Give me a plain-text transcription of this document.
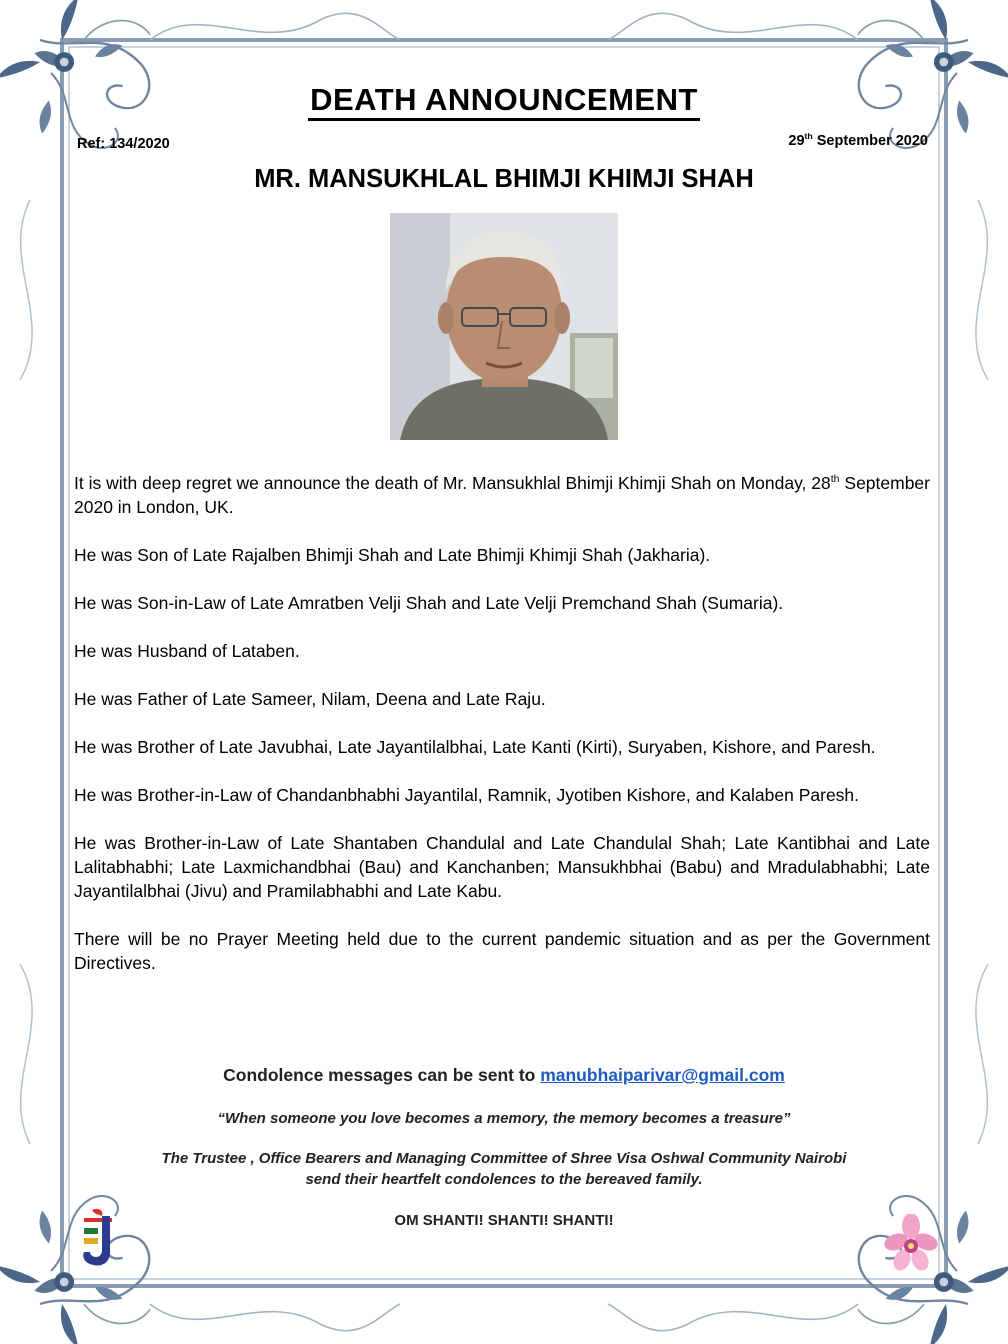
DEATH ANNOUNCEMENT
Ref: 134/2020	29th September 2020
MR. MANSUKHLAL BHIMJI KHIMJI SHAH

It is with deep regret we announce the death of Mr. Mansukhlal Bhimji Khimji Shah on Monday, 28th September 2020 in London, UK.

He was Son of Late Rajalben Bhimji Shah and Late Bhimji Khimji Shah (Jakharia).

He was Son-in-Law of Late Amratben Velji Shah and Late Velji Premchand Shah (Sumaria).

He was Husband of Lataben.

He was Father of Late Sameer, Nilam, Deena and Late Raju.

He was Brother of Late Javubhai, Late Jayantilalbhai, Late Kanti (Kirti), Suryaben, Kishore, and Paresh.

He was Brother-in-Law of Chandanbhabhi Jayantilal, Ramnik, Jyotiben Kishore, and Kalaben Paresh.

He was Brother-in-Law of Late Shantaben Chandulal and Late Chandulal Shah; Late Kantibhai and Late Lalitabhabhi; Late Laxmichandbhai (Bau) and Kanchanben; Mansukhbhai (Babu) and Mradulabhabhi; Late Jayantilalbhai (Jivu) and Pramilabhabhi and Late Kabu.

There will be no Prayer Meeting held due to the current pandemic situation and as per the Government Directives.

Condolence messages can be sent to manubhaiparivar@gmail.com
“When someone you love becomes a memory, the memory becomes a treasure”
The Trustee , Office Bearers and Managing Committee of Shree Visa Oshwal Community Nairobi
send their heartfelt condolences to the bereaved family.
OM SHANTI! SHANTI! SHANTI!
